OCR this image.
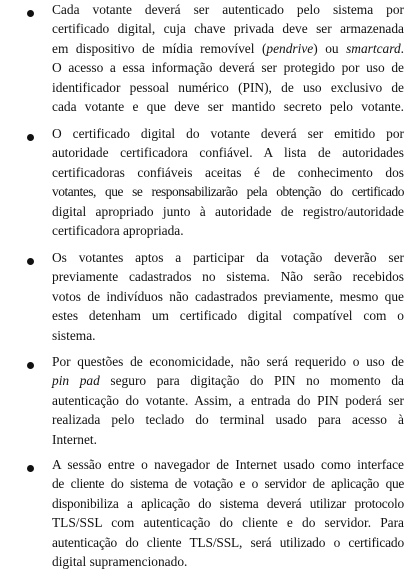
Cada votante deverá ser autenticado pelo sistema por
certificado digital, cuja chave privada deve ser armazenada
em dispositivo de mídia removível (pendrive) ou smartcard.
O acesso a essa informação deverá ser protegido por uso de
identificador pessoal numérico (PIN), de uso exclusivo de
cada votante e que deve ser mantido secreto pelo votante.

O certificado digital do votante deverá ser emitido por
autoridade certificadora confiável. A lista de autoridades
certificadoras confiáveis aceitas é de conhecimento dos
votantes, que se responsabilizarão pela obtenção do certificado
digital apropriado junto à autoridade de registro/autoridade
certificadora apropriada.

Os votantes aptos a participar da votação deverão ser
previamente cadastrados no sistema. Não serão recebidos
votos de indivíduos não cadastrados previamente, mesmo que
estes detenham um certificado digital compatível com o
sistema.

Por questões de economicidade, não será requerido o uso de
pin pad seguro para digitação do PIN no momento da
autenticação do votante. Assim, a entrada do PIN poderá ser
realizada pelo teclado do terminal usado para acesso à
Internet.

A sessão entre o navegador de Internet usado como interface
de cliente do sistema de votação e o servidor de aplicação que
disponibiliza a aplicação do sistema deverá utilizar protocolo
TLS/SSL com autenticação do cliente e do servidor. Para
autenticação do cliente TLS/SSL, será utilizado o certificado
digital supramencionado.
